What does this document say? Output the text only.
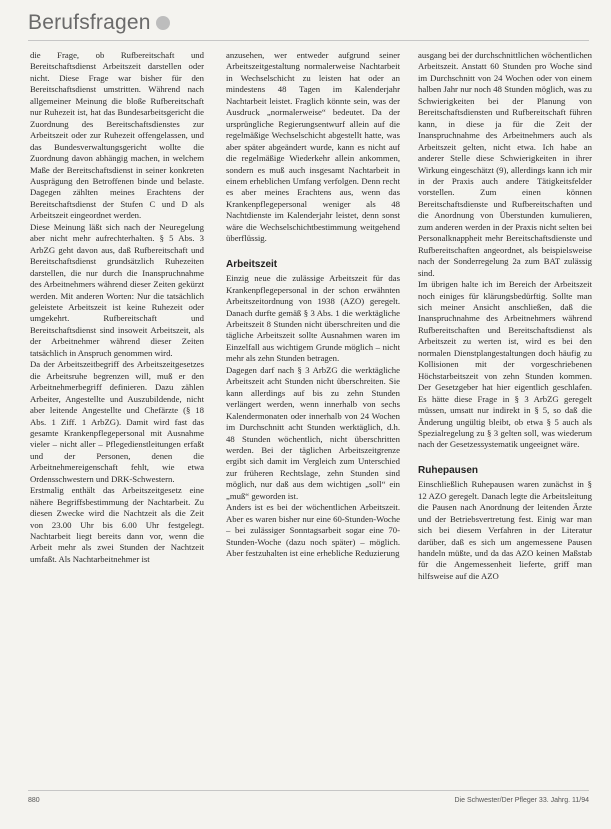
Berufsfragen

die Frage, ob Rufbereitschaft und Bereitschaftsdienst Arbeitszeit darstellen oder nicht. Diese Frage war bisher für den Bereitschaftsdienst umstritten. Während nach allgemeiner Meinung die bloße Rufbereitschaft nur Ruhezeit ist, hat das Bundesarbeitsgericht die Zuordnung des Bereitschaftsdienstes zur Arbeitszeit oder zur Ruhezeit offengelassen, und das Bundesverwaltungsgericht wollte die Zuordnung davon abhängig machen, in welchem Maße der Bereitschaftsdienst in seiner konkreten Ausprägung den Betroffenen binde und belaste. Dagegen zählten meines Erachtens der Bereitschaftsdienst der Stufen C und D als Arbeitszeit eingeordnet werden.

Diese Meinung läßt sich nach der Neuregelung aber nicht mehr aufrechterhalten. § 5 Abs. 3 ArbZG geht davon aus, daß Rufbereitschaft und Bereitschaftsdienst grundsätzlich Ruhezeiten darstellen, die nur durch die Inanspruchnahme des Arbeitnehmers während dieser Zeiten gekürzt werden. Mit anderen Worten: Nur die tatsächlich geleistete Arbeitszeit ist keine Ruhezeit oder umgekehrt. Rufbereitschaft und Bereitschaftsdienst sind insoweit Arbeitszeit, als der Arbeitnehmer während dieser Zeiten tatsächlich in Anspruch genommen wird.

Da der Arbeitszeitbegriff des Arbeitszeitgesetzes die Arbeitsruhe begrenzen will, muß er den Arbeitnehmerbegriff definieren. Dazu zählen Arbeiter, Angestellte und Auszubildende, nicht aber leitende Angestellte und Chefärzte (§ 18 Abs. 1 Ziff. 1 ArbZG). Damit wird fast das gesamte Krankenpflegepersonal mit Ausnahme vieler – nicht aller – Pflegedienstleitungen erfaßt und der Personen, denen die Arbeitnehmereigenschaft fehlt, wie etwa Ordensschwestern und DRK-Schwestern.

Erstmalig enthält das Arbeitszeitgesetz eine nähere Begriffsbestimmung der Nachtarbeit. Zu diesen Zwecke wird die Nachtzeit als die Zeit von 23.00 Uhr bis 6.00 Uhr festgelegt. Nachtarbeit liegt bereits dann vor, wenn die Arbeit mehr als zwei Stunden der Nachtzeit umfaßt. Als Nachtarbeitnehmer ist

anzusehen, wer entweder aufgrund seiner Arbeitszeitgestaltung normalerweise Nachtarbeit in Wechselschicht zu leisten hat oder an mindestens 48 Tagen im Kalenderjahr Nachtarbeit leistet. Fraglich könnte sein, was der Ausdruck „normalerweise“ bedeutet. Da der ursprüngliche Regierungsentwurf allein auf die regelmäßige Wechselschicht abgestellt hatte, was aber später abgeändert wurde, kann es nicht auf die regelmäßige Wiederkehr allein ankommen, sondern es muß auch insgesamt Nachtarbeit in einem erheblichen Umfang verfolgen. Denn recht es aber meines Erachtens aus, wenn das Krankenpflegepersonal weniger als 48 Nachtdienste im Kalenderjahr leistet, denn sonst wäre die Wechselschichtbestimmung weitgehend überflüssig.

Arbeitszeit

Einzig neue die zulässige Arbeitszeit für das Krankenpflegepersonal in der schon erwähnten Arbeitszeitordnung von 1938 (AZO) geregelt. Danach durfte gemäß § 3 Abs. 1 die werktägliche Arbeitszeit 8 Stunden nicht überschreiten und die tägliche Arbeitszeit sollte Ausnahmen waren im Einzelfall aus wichtigem Grunde möglich – nicht mehr als zehn Stunden betragen.

Dagegen darf nach § 3 ArbZG die werktägliche Arbeitszeit acht Stunden nicht überschreiten. Sie kann allerdings auf bis zu zehn Stunden verlängert werden, wenn innerhalb von sechs Kalendermonaten oder innerhalb von 24 Wochen im Durchschnitt acht Stunden werktäglich, d.h. 48 Stunden wöchentlich, nicht überschritten werden. Bei der täglichen Arbeitszeitgrenze ergibt sich damit im Vergleich zum Unterschied zur früheren Rechtslage, zehn Stunden sind möglich, nur daß aus dem wichtigen „soll“ ein „muß“ geworden ist.

Anders ist es bei der wöchentlichen Arbeitszeit. Aber es waren bisher nur eine 60-Stunden-Woche – bei zulässiger Sonntagsarbeit sogar eine 70-Stunden-Woche (dazu noch später) – möglich. Aber festzuhalten ist eine erhebliche Reduzierung

ausgang bei der durchschnittlichen wöchentlichen Arbeitszeit. Anstatt 60 Stunden pro Woche sind im Durchschnitt von 24 Wochen oder von einem halben Jahr nur noch 48 Stunden möglich, was zu Schwierigkeiten bei der Planung von Bereitschaftsdiensten und Rufbereitschaft führen kann, in diese ja für die Zeit der Inanspruchnahme des Arbeitnehmers auch als Arbeitszeit gelten, nicht etwa. Ich habe an anderer Stelle diese Schwierigkeiten in ihrer Wirkung eingeschätzt (9), allerdings kann ich mir in der Praxis auch andere Tätigkeitsfelder vorstellen. Zum einen können Bereitschaftsdienste und Rufbereitschaften und die Anordnung von Überstunden kumulieren, zum anderen werden in der Praxis nicht selten bei Personalknappheit mehr Bereitschaftsdienste und Rufbereitschaften angeordnet, als beispielsweise nach der Sonderregelung 2a zum BAT zulässig sind.

Im übrigen halte ich im Bereich der Arbeitszeit noch einiges für klärungsbedürftig. Sollte man sich meiner Ansicht anschließen, daß die Inanspruchnahme des Arbeitnehmers während Rufbereitschaften und Bereitschaftsdienst als Arbeitszeit zu werten ist, wird es bei den normalen Dienstplangestaltungen doch häufig zu Kollisionen mit der vorgeschriebenen Höchstarbeitszeit von zehn Stunden kommen. Der Gesetzgeber hat hier eigentlich geschlafen. Es hätte diese Frage in § 3 ArbZG geregelt müssen, umsatt nur indirekt in § 5, so daß die Änderung ungültig bleibt, ob etwa § 5 auch als Spezialregelung zu § 3 gelten soll, was wiederum nach der Gesetzessystematik ungeeignet wäre.

Ruhepausen

Einschließlich Ruhepausen waren zunächst in § 12 AZO geregelt. Danach legte die Arbeitsleitung die Pausen nach Anordnung der leitenden Ärzte und der Betriebsvertretung fest. Einig war man sich bei diesem Verfahren in der Literatur darüber, daß es sich um angemessene Pausen handeln müßte, und da das AZO keinen Maßstab für die Angemessenheit lieferte, griff man hilfsweise auf die AZO

880	Die Schwester/Der Pfleger 33. Jahrg. 11/94
